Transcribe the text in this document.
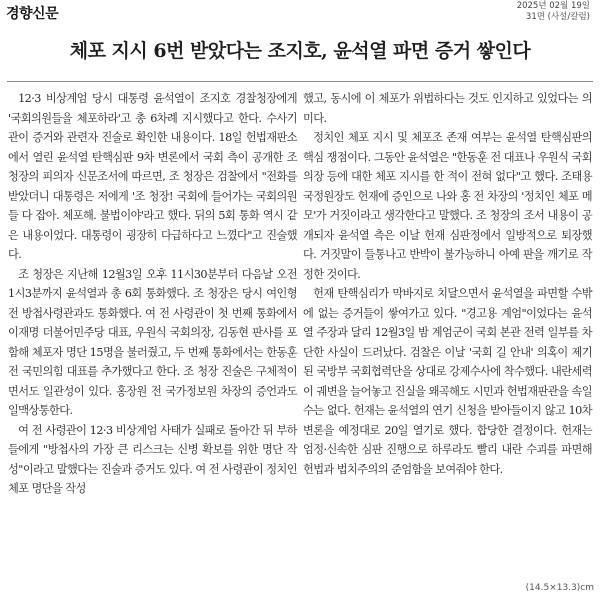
경향신문	2025년 02월 19일
31면 (사설/칼럼)
체포 지시 6번 받았다는 조지호, 윤석열 파면 증거 쌓인다

12·3 비상계엄 당시 대통령 윤석열이 조지호 경찰청장에게 '국회의원들을 체포하라'고 총 6차례 지시했다고 한다. 수사기관이 증거와 관련자 진술로 확인한 내용이다. 18일 헌법재판소에서 열린 윤석열 탄핵심판 9차 변론에서 국회 측이 공개한 조 청장의 피의자 신문조서에 따르면, 조 청장은 검찰에서 "전화를 받았더니 대통령은 저에게 '조 청장! 국회에 들어가는 국회의원들 다 잡아. 체포해. 불법이야'라고 했다. 뒤의 5회 통화 역시 같은 내용이었다. 대통령이 굉장히 다급하다고 느꼈다"고 진술했다.

조 청장은 지난해 12월3일 오후 11시30분부터 다음날 오전 1시3분까지 윤석열과 총 6회 통화했다. 조 청장은 당시 여인형 전 방첩사령관과도 통화했다. 여 전 사령관이 첫 번째 통화에서 이재명 더불어민주당 대표, 우원식 국회의장, 김동현 판사를 포함해 체포자 명단 15명을 불러줬고, 두 번째 통화에서는 한동훈 전 국민의힘 대표를 추가했다고 한다. 조 청장 진술은 구체적이면서도 일관성이 있다. 홍장원 전 국가정보원 차장의 증언과도 일맥상통한다.

여 전 사령관이 12·3 비상계엄 사태가 실패로 돌아간 뒤 부하들에게 "방첩사의 가장 큰 리스크는 신병 확보를 위한 명단 작성"이라고 말했다는 진술과 증거도 있다. 여 전 사령관이 정치인 체포 명단을 작성

했고, 동시에 이 체포가 위법하다는 것도 인지하고 있었다는 의미다.

정치인 체포 지시 및 체포조 존재 여부는 윤석열 탄핵심판의 핵심 쟁점이다. 그동안 윤석열은 "한동훈 전 대표나 우원식 국회의장 등에 대한 체포 지시를 한 적이 전혀 없다"고 했다. 조태용 국정원장도 헌재에 증인으로 나와 홍 전 차장의 '정치인 체포 메모'가 거짓이라고 생각한다고 말했다. 조 청장의 조서 내용이 공개되자 윤석열 측은 이날 헌재 심판정에서 일방적으로 퇴장했다. 거짓말이 들통나고 반박이 불가능하니 아예 판을 깨기로 작정한 것이다.

헌재 탄핵심리가 막바지로 치달으면서 윤석열을 파면할 수밖에 없는 증거들이 쌓여가고 있다. "경고용 계엄"이었다는 윤석열 주장과 달리 12월3일 밤 계엄군이 국회 본관 전력 일부를 차단한 사실이 드러났다. 검찰은 이날 '국회 길 안내' 의혹이 제기된 국방부 국회협력단을 상대로 강제수사에 착수했다. 내란세력이 궤변을 늘어놓고 진실을 왜곡해도 시민과 헌법재판관을 속일 수는 없다. 헌재는 윤석열의 연기 신청을 받아들이지 않고 10차 변론을 예정대로 20일 열기로 했다. 합당한 결정이다. 헌재는 엄정·신속한 심판 진행으로 하루라도 빨리 내란 수괴를 파면해 헌법과 법치주의의 준엄함을 보여줘야 한다.

(14.5×13.3)cm
